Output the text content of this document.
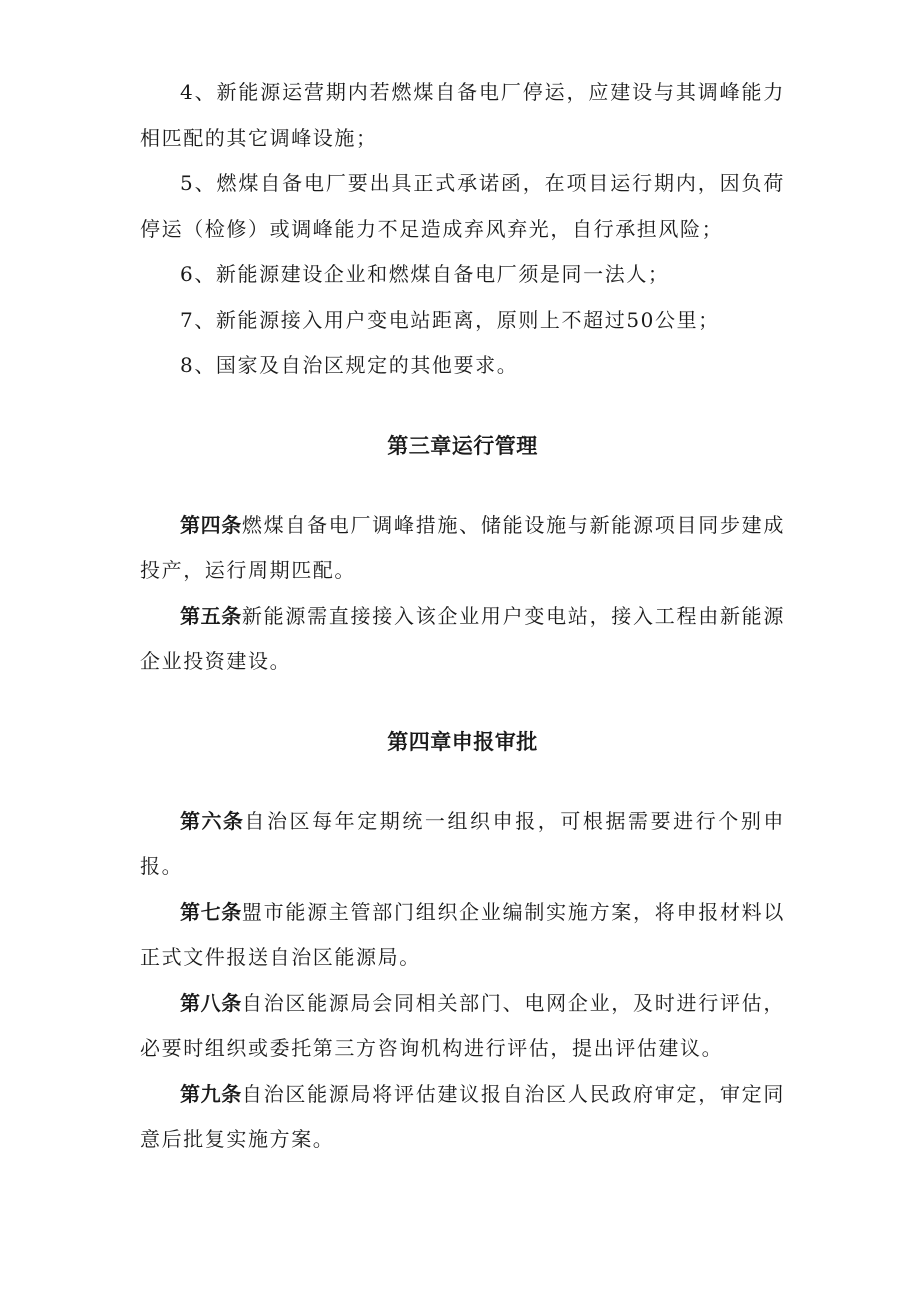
4、新能源运营期内若燃煤自备电厂停运，应建设与其调峰能力相匹配的其它调峰设施；

5、燃煤自备电厂要出具正式承诺函，在项目运行期内，因负荷停运（检修）或调峰能力不足造成弃风弃光，自行承担风险；

6、新能源建设企业和燃煤自备电厂须是同一法人；

7、新能源接入用户变电站距离，原则上不超过50公里；

8、国家及自治区规定的其他要求。

第三章运行管理

第四条燃煤自备电厂调峰措施、储能设施与新能源项目同步建成投产，运行周期匹配。

第五条新能源需直接接入该企业用户变电站，接入工程由新能源企业投资建设。

第四章申报审批

第六条自治区每年定期统一组织申报，可根据需要进行个别申报。

第七条盟市能源主管部门组织企业编制实施方案，将申报材料以正式文件报送自治区能源局。

第八条自治区能源局会同相关部门、电网企业，及时进行评估，必要时组织或委托第三方咨询机构进行评估，提出评估建议。

第九条自治区能源局将评估建议报自治区人民政府审定，审定同意后批复实施方案。
